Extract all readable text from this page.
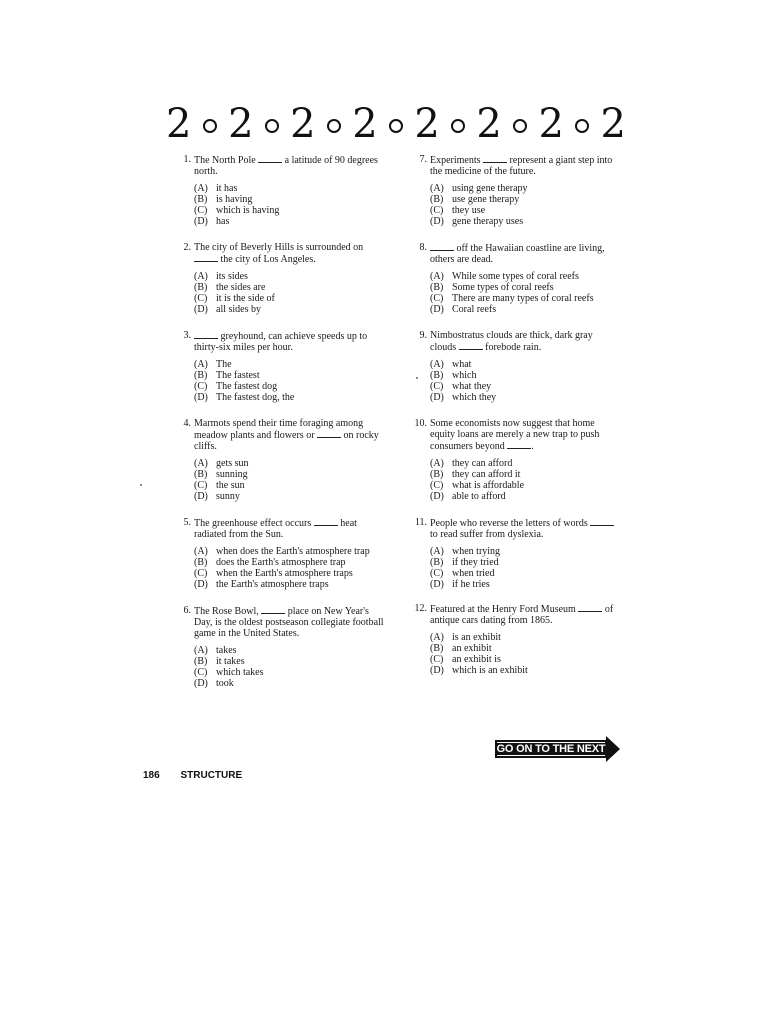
2 2 2 2 2 2 2 2
1. The North Pole  a latitude of 90 degrees north.
(A) it has
(B) is having
(C) which is having
(D) has
2. The city of Beverly Hills is surrounded on  the city of Los Angeles.
(A) its sides
(B) the sides are
(C) it is the side of
(D) all sides by
3.	greyhound, can achieve speeds up to thirty-six miles per hour.
(A) The
(B) The fastest
(C) The fastest dog
(D) The fastest dog, the
4. Marmots spend their time foraging among meadow plants and flowers or  on rocky cliffs.
(A) gets sun
(B) sunning
(C) the sun
(D) sunny
5. The greenhouse effect occurs  heat radiated from the Sun.
(A) when does the Earth's atmosphere trap
(B) does the Earth's atmosphere trap
(C) when the Earth's atmosphere traps
(D) the Earth's atmosphere traps
6. The Rose Bowl,  place on New Year's Day, is the oldest postseason collegiate football game in the United States.
(A) takes
(B) it takes
(C) which takes
(D) took
7. Experiments  represent a giant step into the medicine of the future.
(A) using gene therapy
(B) use gene therapy
(C) they use
(D) gene therapy uses
8.	off the Hawaiian coastline are living, others are dead.
(A) While some types of coral reefs
(B) Some types of coral reefs
(C) There are many types of coral reefs
(D) Coral reefs
9. Nimbostratus clouds are thick, dark gray clouds  forebode rain.
(A) what
(B) which
(C) what they
(D) which they
10. Some economists now suggest that home equity loans are merely a new trap to push consumers beyond .
(A) they can afford
(B) they can afford it
(C) what is affordable
(D) able to afford
11. People who reverse the letters of words  to read suffer from dyslexia.
(A) when trying
(B) if they tried
(C) when tried
(D) if he tries
12. Featured at the Henry Ford Museum  of antique cars dating from 1865.
(A) is an exhibit
(B) an exhibit
(C) an exhibit is
(D) which is an exhibit
GO ON TO THE NEXT PAGE
186 STRUCTURE
